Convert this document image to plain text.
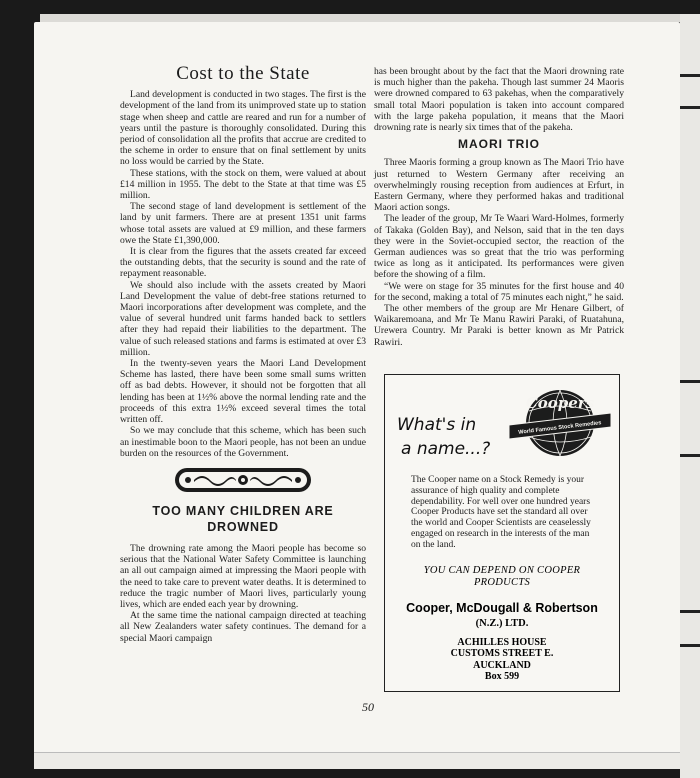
Cost to the State

Land development is conducted in two stages. The first is the development of the land from its unimproved state up to station stage when sheep and cattle are reared and run for a number of years until the pasture is thoroughly consolidated. During this period of consolidation all the profits that accrue are credited to the scheme in order to ensure that on final settlement by units no loss would be carried by the State.

These stations, with the stock on them, were valued at about £14 million in 1955. The debt to the State at that time was £5 million.

The second stage of land development is settlement of the land by unit farmers. There are at present 1351 unit farms whose total assets are valued at £9 million, and these farmers owe the State £1,390,000.

It is clear from the figures that the assets created far exceed the outstanding debts, that the security is sound and the rate of repayment reasonable.

We should also include with the assets created by Maori Land Development the value of debt-free stations returned to Maori incorporations after development was complete, and the value of several hundred unit farms handed back to settlers after they had repaid their liabilities to the department. The value of such released stations and farms is estimated at over £3 million.

In the twenty-seven years the Maori Land Development Scheme has lasted, there have been some small sums written off as bad debts. However, it should not be forgotten that all lending has been at 1½% above the normal lending rate and the proceeds of this extra 1½% exceed several times the total written off.

So we may conclude that this scheme, which has been such an inestimable boon to the Maori people, has not been an undue burden on the resources of the Government.

TOO MANY CHILDREN ARE DROWNED

The drowning rate among the Maori people has become so serious that the National Water Safety Committee is launching an all out campaign aimed at impressing the Maori people with the need to take care to prevent water deaths. It is determined to reduce the tragic number of Maori lives, particularly young lives, which are ended each year by drowning.

At the same time the national campaign directed at teaching all New Zealanders water safety continues. The demand for a special Maori campaign

has been brought about by the fact that the Maori drowning rate is much higher than the pakeha. Though last summer 24 Maoris were drowned compared to 63 pakehas, when the comparatively small total Maori population is taken into account compared with the large pakeha population, it means that the Maori drowning rate is nearly six times that of the pakeha.

MAORI TRIO

Three Maoris forming a group known as The Maori Trio have just returned to Western Germany after receiving an overwhelmingly rousing reception from audiences at Erfurt, in Eastern Germany, where they performed hakas and traditional Maori action songs.

The leader of the group, Mr Te Waari Ward-Holmes, formerly of Takaka (Golden Bay), and Nelson, said that in the ten days they were in the Soviet-occupied sector, the reaction of the German audiences was so great that the trio was performing twice as long as it anticipated. Its performances were given before the showing of a film.

“We were on stage for 35 minutes for the first house and 40 for the second, making a total of 75 minutes each night,” he said.

The other members of the group are Mr Henare Gilbert, of Waikaremoana, and Mr Te Manu Rawiri Paraki, of Ruatahuna, Urewera Country. Mr Paraki is better known as Mr Patrick Rawiri.

What's in
a name...?
Coopers
World Famous Stock Remedies
The Cooper name on a Stock Remedy is your assurance of high quality and complete dependability. For well over one hundred years Cooper Products have set the standard all over the world and Cooper Scientists are ceaselessly engaged on research in the interests of the man on the land.
YOU CAN DEPEND ON COOPER
PRODUCTS
Cooper, McDougall & Robertson
(N.Z.) LTD.
ACHILLES HOUSE
CUSTOMS STREET E.
AUCKLAND
Box 599
50
